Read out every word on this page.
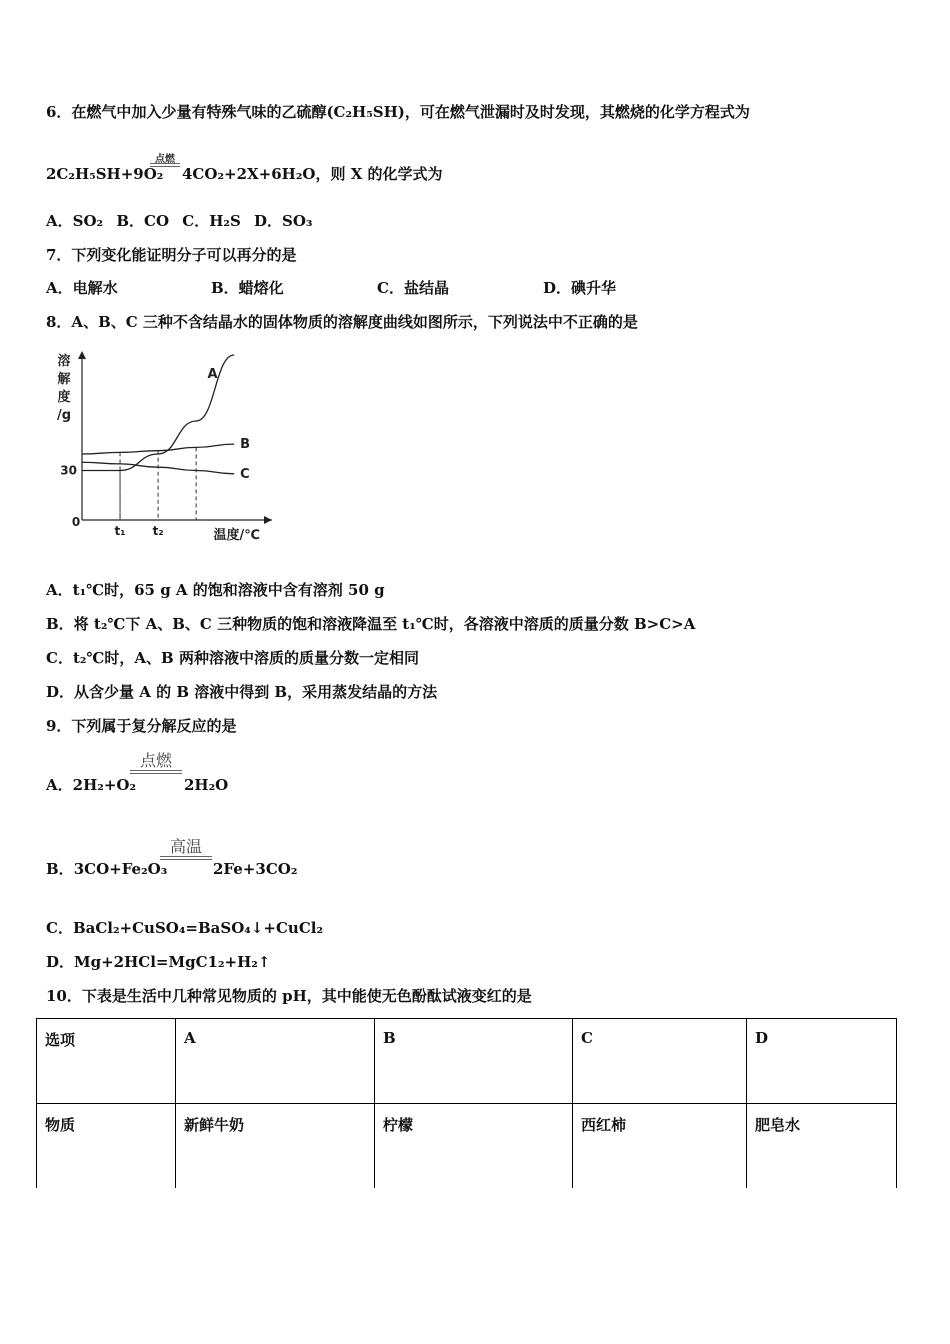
6．在燃气中加入少量有特殊气味的乙硫醇(C₂H₅SH)，可在燃气泄漏时及时发现，其燃烧的化学方程式为
2C₂H₅SH+9O₂
点燃
4CO₂+2X+6H₂O，则 X 的化学式为
A．SO₂ B．CO C．H₂S D．SO₃
7．下列变化能证明分子可以再分的是
A．电解水	B．蜡熔化	C．盐结晶	D．碘升华
8．A、B、C 三种不含结晶水的固体物质的溶解度曲线如图所示，下列说法中不正确的是
溶
解
度
/g
温度/℃
0
30
t₁ t₂
A
B
C
A．t₁℃时，65 g A 的饱和溶液中含有溶剂 50 g
B．将 t₂℃下 A、B、C 三种物质的饱和溶液降温至 t₁℃时，各溶液中溶质的质量分数 B>C>A
C．t₂℃时，A、B 两种溶液中溶质的质量分数一定相同
D．从含少量 A 的 B 溶液中得到 B，采用蒸发结晶的方法
9．下列属于复分解反应的是
A．2H₂+O₂
点燃
2H₂O
B．3CO+Fe₂O₃
高温
2Fe+3CO₂
C．BaCl₂+CuSO₄=BaSO₄↓+CuCl₂
D．Mg+2HCl=MgC1₂+H₂↑
10．下表是生活中几种常见物质的 pH，其中能使无色酚酞试液变红的是
选项	A	B	C	D
物质	新鲜牛奶	柠檬	西红柿	肥皂水
